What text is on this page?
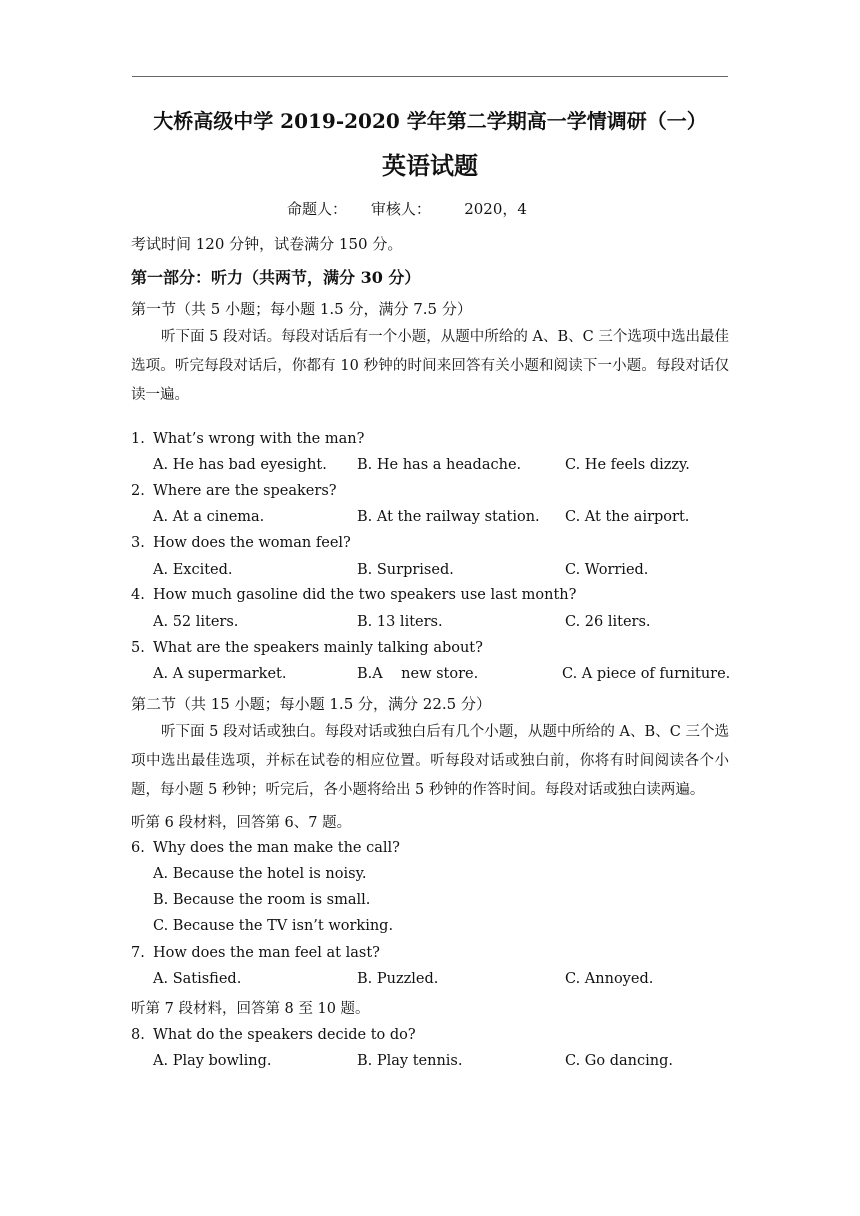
大桥高级中学 2019-2020 学年第二学期高一学情调研（一）
英语试题
命题人：     审核人：       2020，4
考试时间 120 分钟，试卷满分 150 分。
第一部分：听力（共两节，满分 30 分）
第一节（共 5 小题；每小题 1.5 分，满分 7.5 分）
听下面 5 段对话。每段对话后有一个小题，从题中所给的 A、B、C 三个选项中选出最佳选项。听完每段对话后，你都有 10 秒钟的时间来回答有关小题和阅读下一小题。每段对话仅读一遍。
1. What’s wrong with the man?
A. He has bad eyesight. B. He has a headache.	C. He feels dizzy.
2. Where are the speakers?
A. At a cinema.	B. At the railway station. C. At the airport.
3. How does the woman feel?
A. Excited.	B. Surprised.	C. Worried.
4. How much gasoline did the two speakers use last month?
A. 52 liters.	B. 13 liters.	C. 26 liters.
5. What are the speakers mainly talking about?
A. A supermarket.	B.A    new store.	C. A piece of furniture.
第二节（共 15 小题；每小题 1.5 分，满分 22.5 分）
听下面 5 段对话或独白。每段对话或独白后有几个小题，从题中所给的 A、B、C 三个选项中选出最佳选项，并标在试卷的相应位置。听每段对话或独白前，你将有时间阅读各个小题，每小题 5 秒钟；听完后，各小题将给出 5 秒钟的作答时间。每段对话或独白读两遍。
听第 6 段材料，回答第 6、7 题。
6. Why does the man make the call?
A. Because the hotel is noisy.
B. Because the room is small.
C. Because the TV isn’t working.
7. How does the man feel at last?
A. Satisfied.	B. Puzzled.	C. Annoyed.
听第 7 段材料，回答第 8 至 10 题。
8. What do the speakers decide to do?
A. Play bowling.	B. Play tennis.	C. Go dancing.
